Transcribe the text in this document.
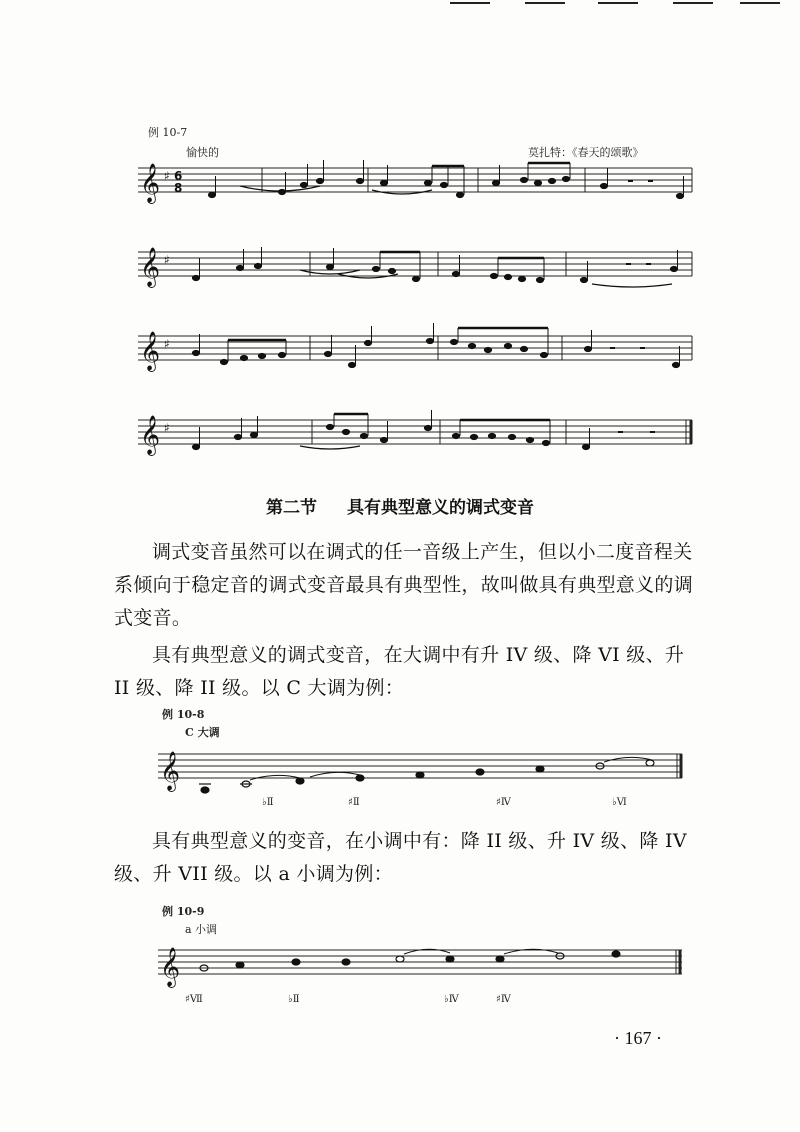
例 10-7
愉快的	莫扎特：《春天的颂歌》
𝄞
𝄞
𝄞
𝄞
♯
♯
♯
♯
6
8
第二节 具有典型意义的调式变音
调式变音虽然可以在调式的任一音级上产生，但以小二度音程关系倾向于稳定音的调式变音最具有典型性，故叫做具有典型意义的调式变音。
具有典型意义的调式变音，在大调中有升 IV 级、降 VI 级、升 II 级、降 II 级。以 C 大调为例：
例 10-8
C 大调
𝄞
♭Ⅱ	♯Ⅱ	♯Ⅳ	♭Ⅵ
具有典型意义的变音，在小调中有：降 II 级、升 IV 级、降 IV 级、升 VII 级。以 a 小调为例：
例 10-9
a 小调
𝄞
♯Ⅶ	♭Ⅱ	♭Ⅳ	♯Ⅳ
· 167 ·
